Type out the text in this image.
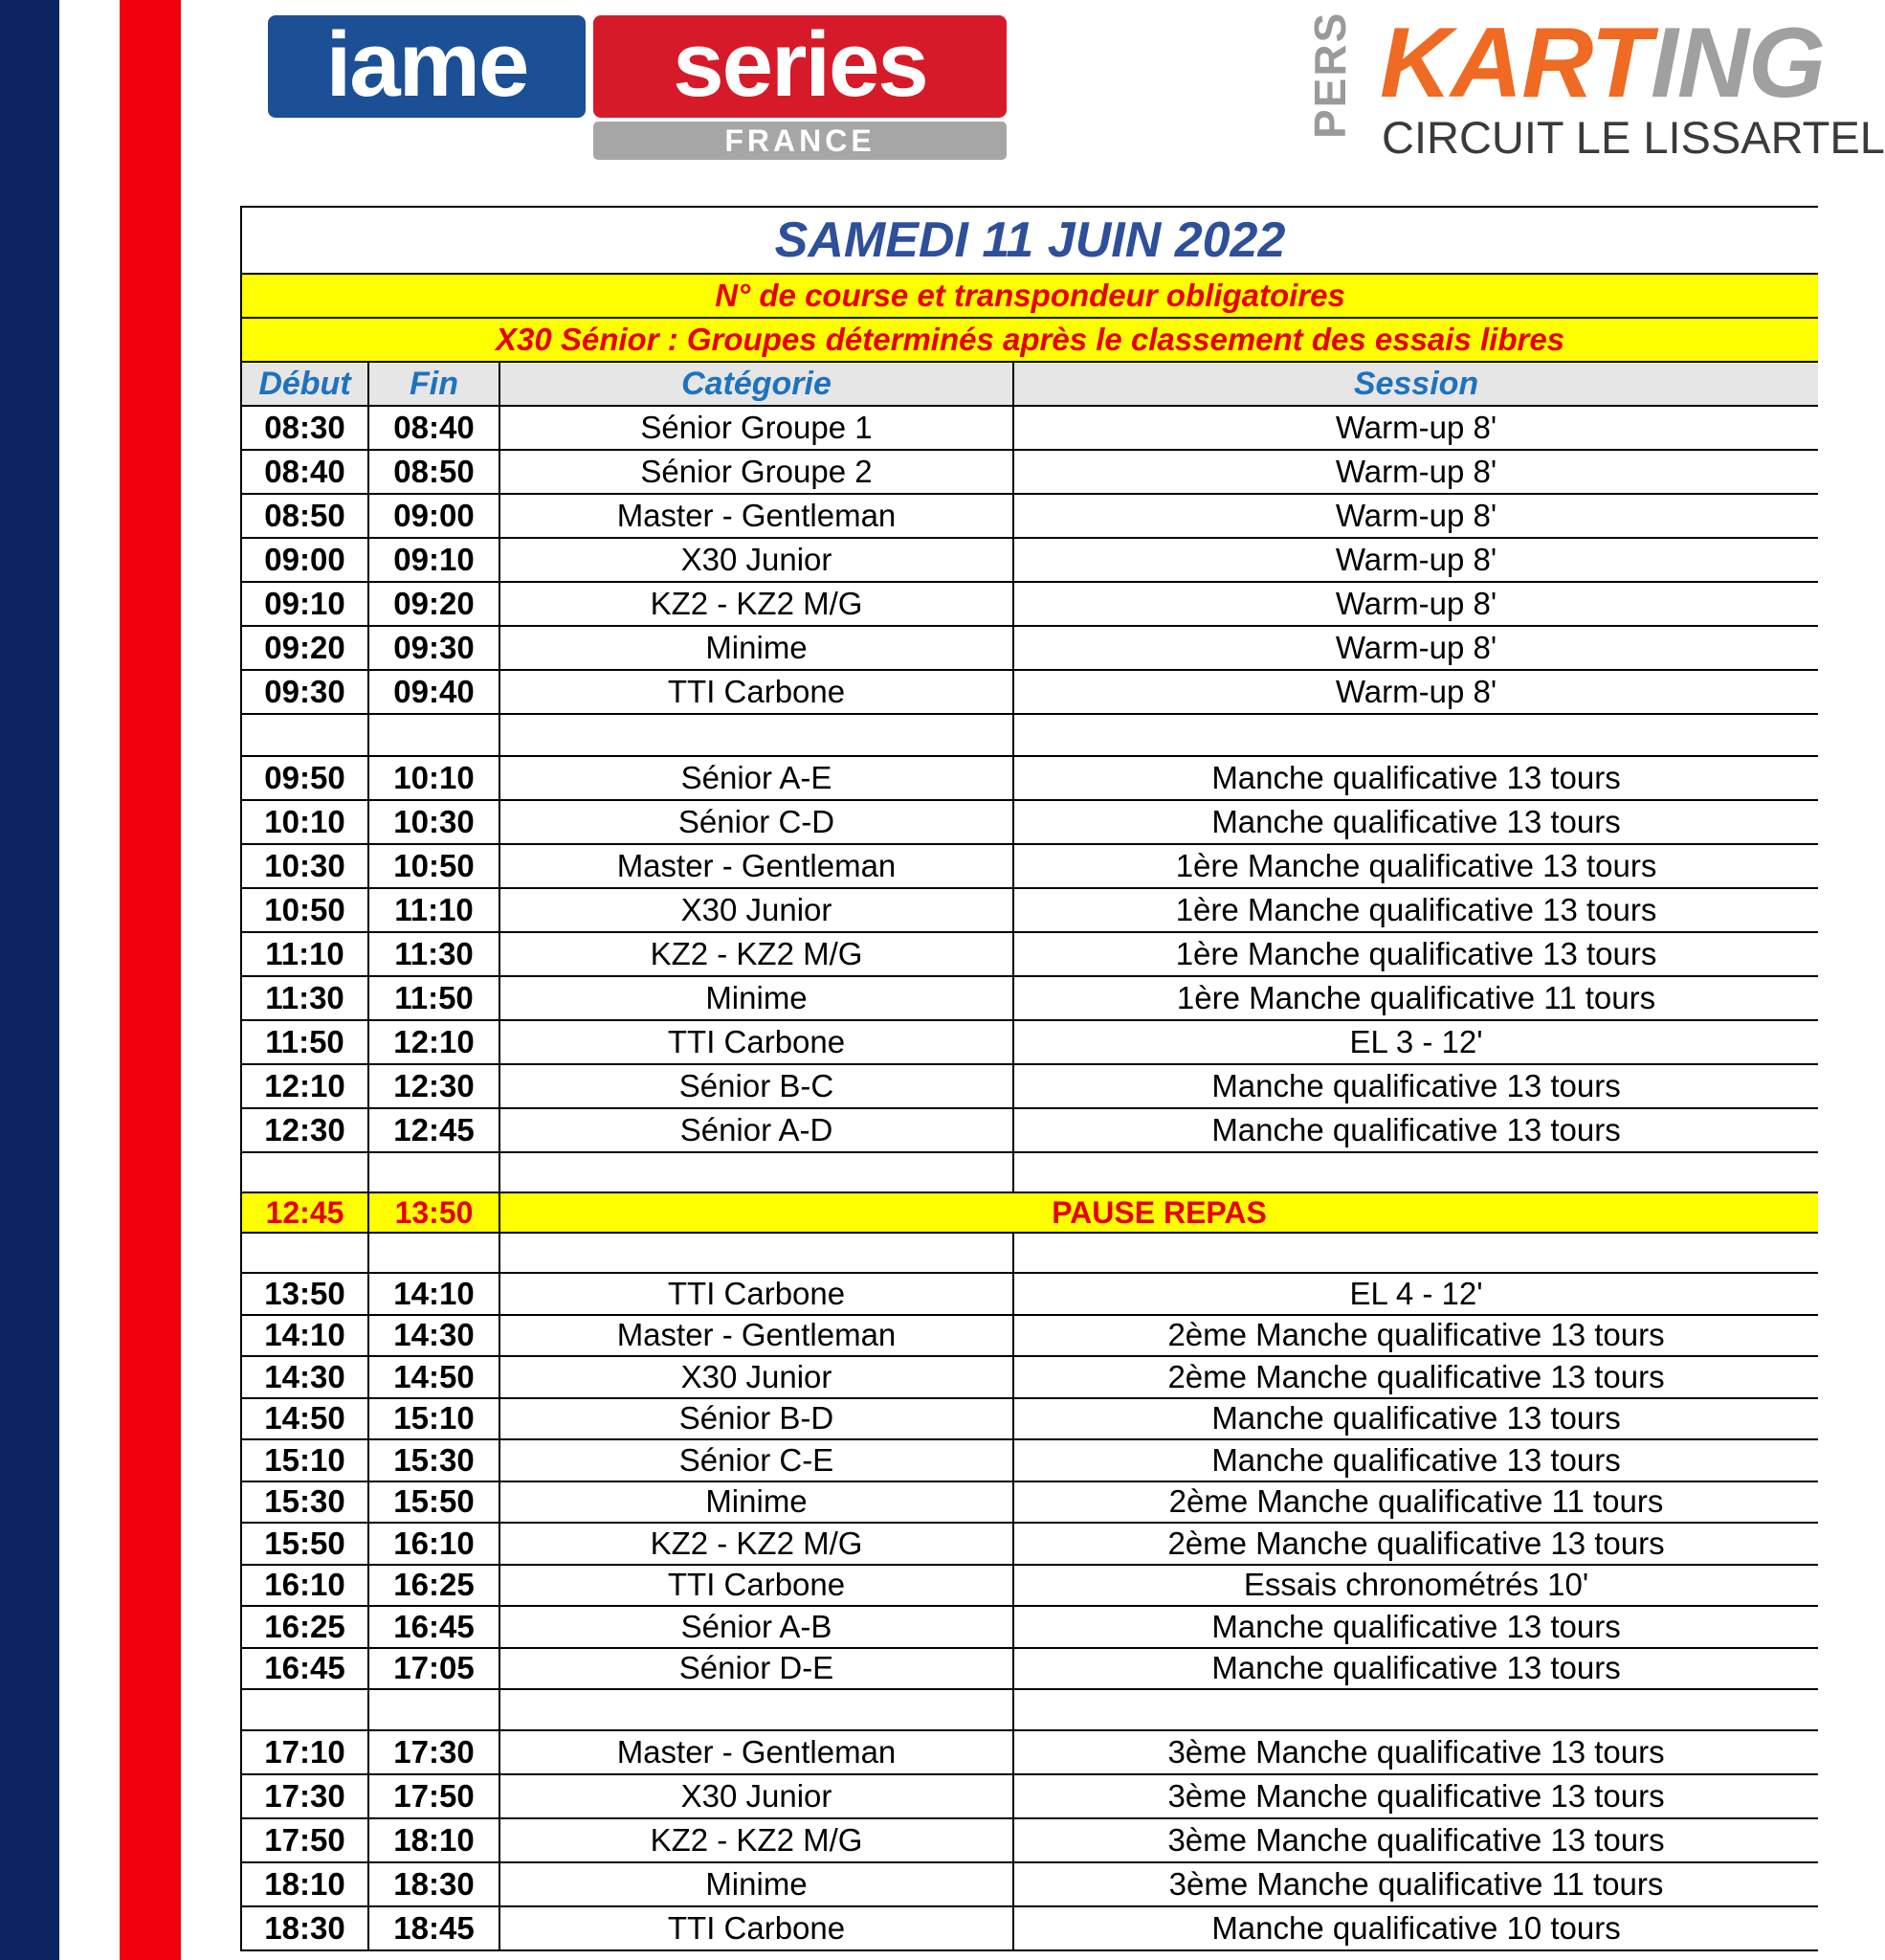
iame	series
FRANCE
PERS KARTING
CIRCUIT LE LISSARTEL
SAMEDI 11 JUIN 2022			
N° de course et transpondeur obligatoires			
X30 Sénior : Groupes déterminés après le classement des essais libres			
Début	Fin	Catégorie	Session
08:30	08:40	Sénior Groupe 1	Warm-up 8'
08:40	08:50	Sénior Groupe 2	Warm-up 8'
08:50	09:00	Master - Gentleman	Warm-up 8'
09:00	09:10	X30 Junior	Warm-up 8'
09:10	09:20	KZ2 - KZ2 M/G	Warm-up 8'
09:20	09:30	Minime	Warm-up 8'
09:30	09:40	TTI Carbone	Warm-up 8'

09:50	10:10	Sénior A-E	Manche qualificative 13 tours
10:10	10:30	Sénior C-D	Manche qualificative 13 tours
10:30	10:50	Master - Gentleman	1ère Manche qualificative 13 tours
10:50	11:10	X30 Junior	1ère Manche qualificative 13 tours
11:10	11:30	KZ2 - KZ2 M/G	1ère Manche qualificative 13 tours
11:30	11:50	Minime	1ère Manche qualificative 11 tours
11:50	12:10	TTI Carbone	EL 3 - 12'
12:10	12:30	Sénior B-C	Manche qualificative 13 tours
12:30	12:45	Sénior A-D	Manche qualificative 13 tours

12:45	13:50	PAUSE REPAS	

13:50	14:10	TTI Carbone	EL 4 - 12'
14:10	14:30	Master - Gentleman	2ème Manche qualificative 13 tours
14:30	14:50	X30 Junior	2ème Manche qualificative 13 tours
14:50	15:10	Sénior B-D	Manche qualificative 13 tours
15:10	15:30	Sénior C-E	Manche qualificative 13 tours
15:30	15:50	Minime	2ème Manche qualificative 11 tours
15:50	16:10	KZ2 - KZ2 M/G	2ème Manche qualificative 13 tours
16:10	16:25	TTI Carbone	Essais chronométrés 10'
16:25	16:45	Sénior A-B	Manche qualificative 13 tours
16:45	17:05	Sénior D-E	Manche qualificative 13 tours

17:10	17:30	Master - Gentleman	3ème Manche qualificative 13 tours
17:30	17:50	X30 Junior	3ème Manche qualificative 13 tours
17:50	18:10	KZ2 - KZ2 M/G	3ème Manche qualificative 13 tours
18:10	18:30	Minime	3ème Manche qualificative 11 tours
18:30	18:45	TTI Carbone	Manche qualificative 10 tours
